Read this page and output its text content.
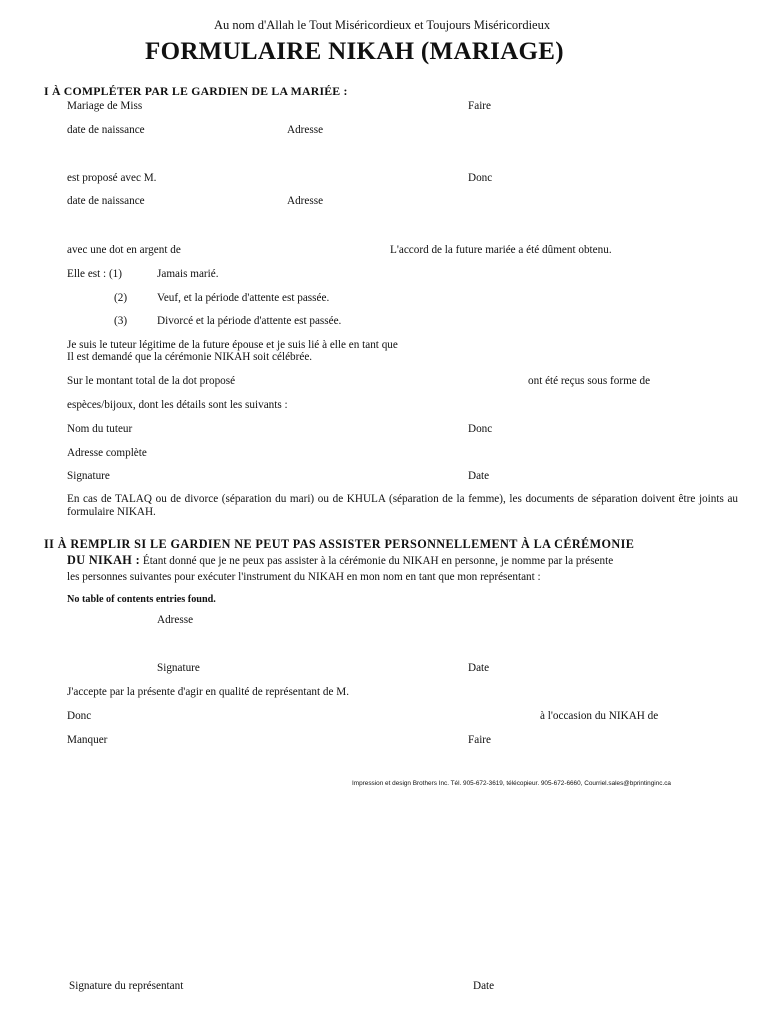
Au nom d'Allah le Tout Miséricordieux et Toujours Miséricordieux
FORMULAIRE NIKAH (MARIAGE)
I À COMPLÉTER PAR LE GARDIEN DE LA MARIÉE :
Mariage de Miss	Faire
date de naissance	Adresse
est proposé avec M.	Donc
date de naissance	Adresse
avec une dot en argent de	L'accord de la future mariée a été dûment obtenu.
Elle est : (1)	Jamais marié.
(2)	Veuf, et la période d'attente est passée.
(3)	Divorcé et la période d'attente est passée.
Je suis le tuteur légitime de la future épouse et je suis lié à elle en tant que
Il est demandé que la cérémonie NIKAH soit célébrée.
Sur le montant total de la dot proposé	ont été reçus sous forme de
espèces/bijoux, dont les détails sont les suivants :
Nom du tuteur	Donc
Adresse complète
Signature	Date
En cas de TALAQ ou de divorce (séparation du mari) ou de KHULA (séparation de la femme), les documents de séparation doivent être joints au formulaire NIKAH.
II À REMPLIR SI LE GARDIEN NE PEUT PAS ASSISTER PERSONNELLEMENT À LA CÉRÉMONIE
DU NIKAH : Étant donné que je ne peux pas assister à la cérémonie du NIKAH en personne, je nomme par la présente
les personnes suivantes pour exécuter l'instrument du NIKAH en mon nom en tant que mon représentant :
No table of contents entries found.
Adresse
Signature	Date
J'accepte par la présente d'agir en qualité de représentant de M.
Donc	à l'occasion du NIKAH de
Manquer	Faire
Impression et design Brothers Inc. Tél. 905-672-3619, télécopieur. 905-672-6660, Courriel.sales@bprintinginc.ca
Signature du représentant	Date
